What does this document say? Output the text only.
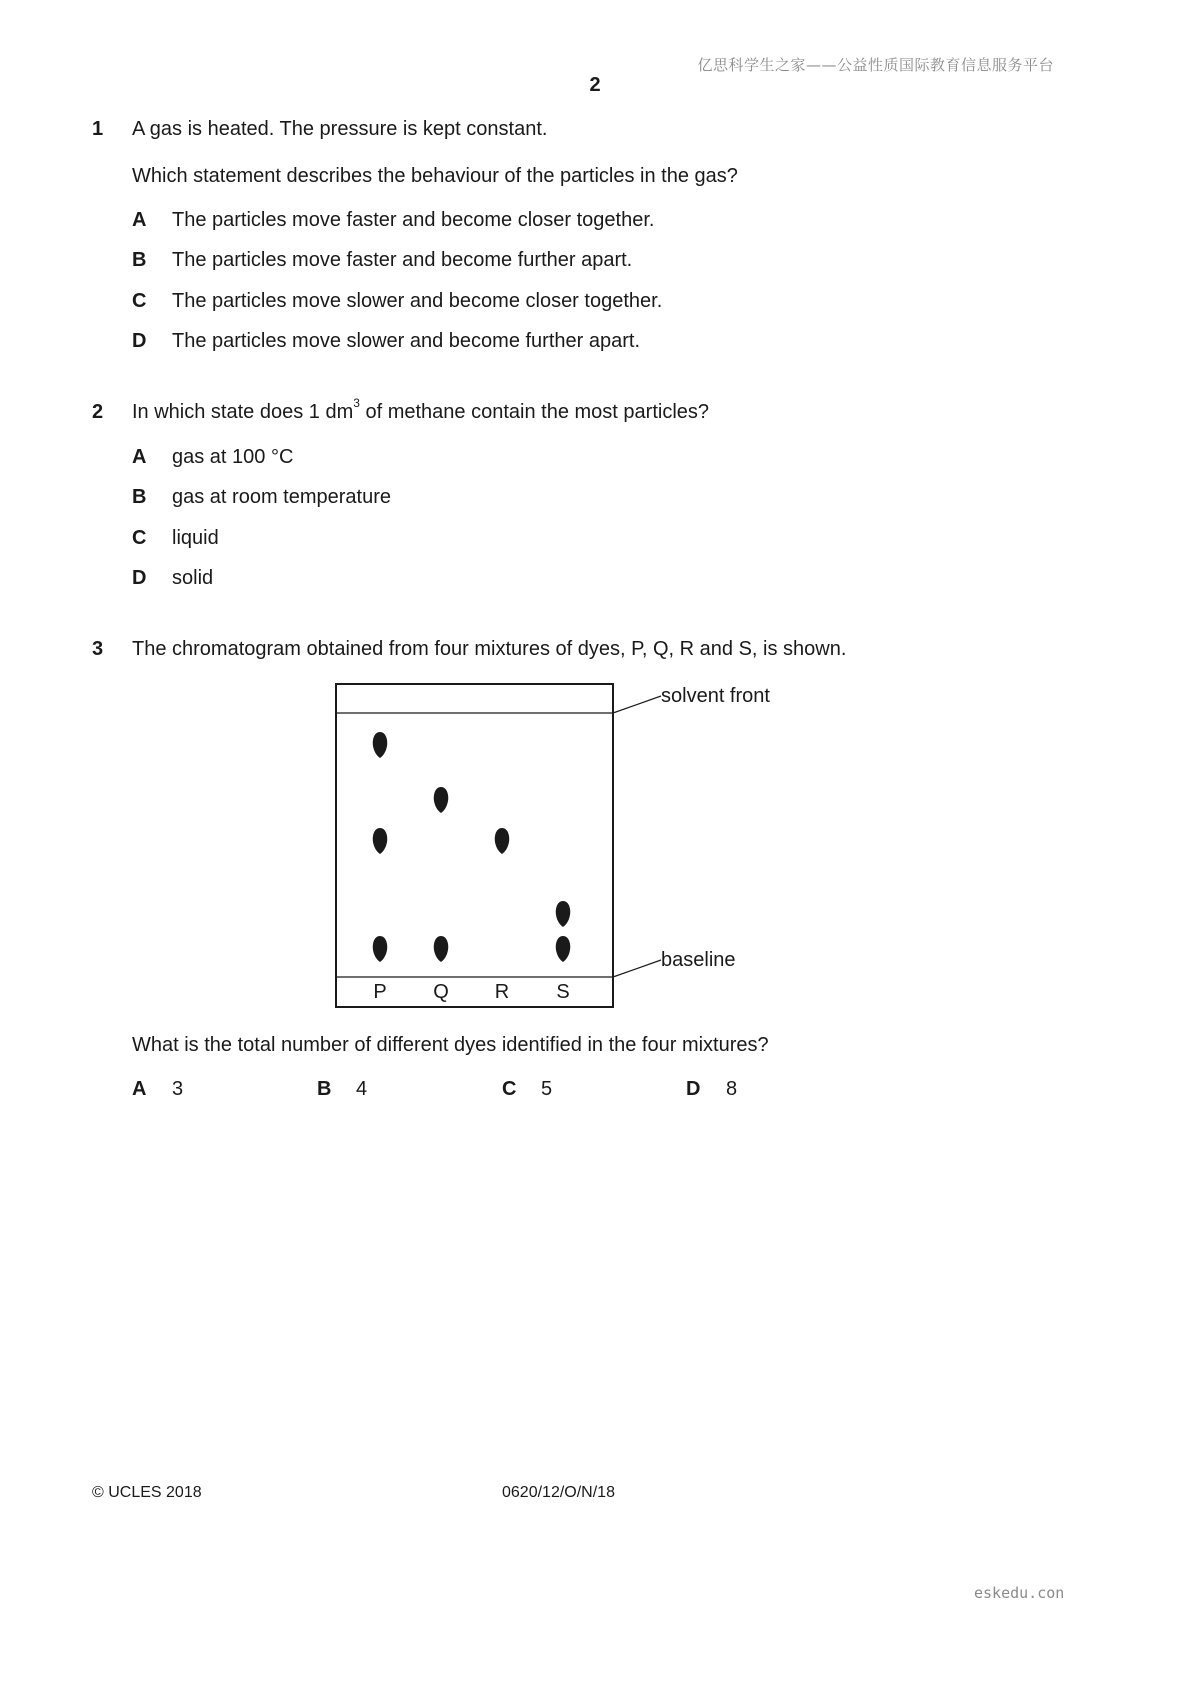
亿思科学生之家——公益性质国际教育信息服务平台
2
1 A gas is heated. The pressure is kept constant.
Which statement describes the behaviour of the particles in the gas?
A The particles move faster and become closer together.
B The particles move faster and become further apart.
C The particles move slower and become closer together.
D The particles move slower and become further apart.
2 In which state does 1 $dm^3$ of methane contain the most particles?
A gas at 100 °C
B gas at room temperature
C liquid
D solid
3 The chromatogram obtained from four mixtures of dyes, P, Q, R and S, is shown.
solvent front
baseline
P Q R S
What is the total number of different dyes identified in the four mixtures?
A 3	B 4	C 5	D 8
eskedu.con
© UCLES 2018	0620/12/O/N/18
